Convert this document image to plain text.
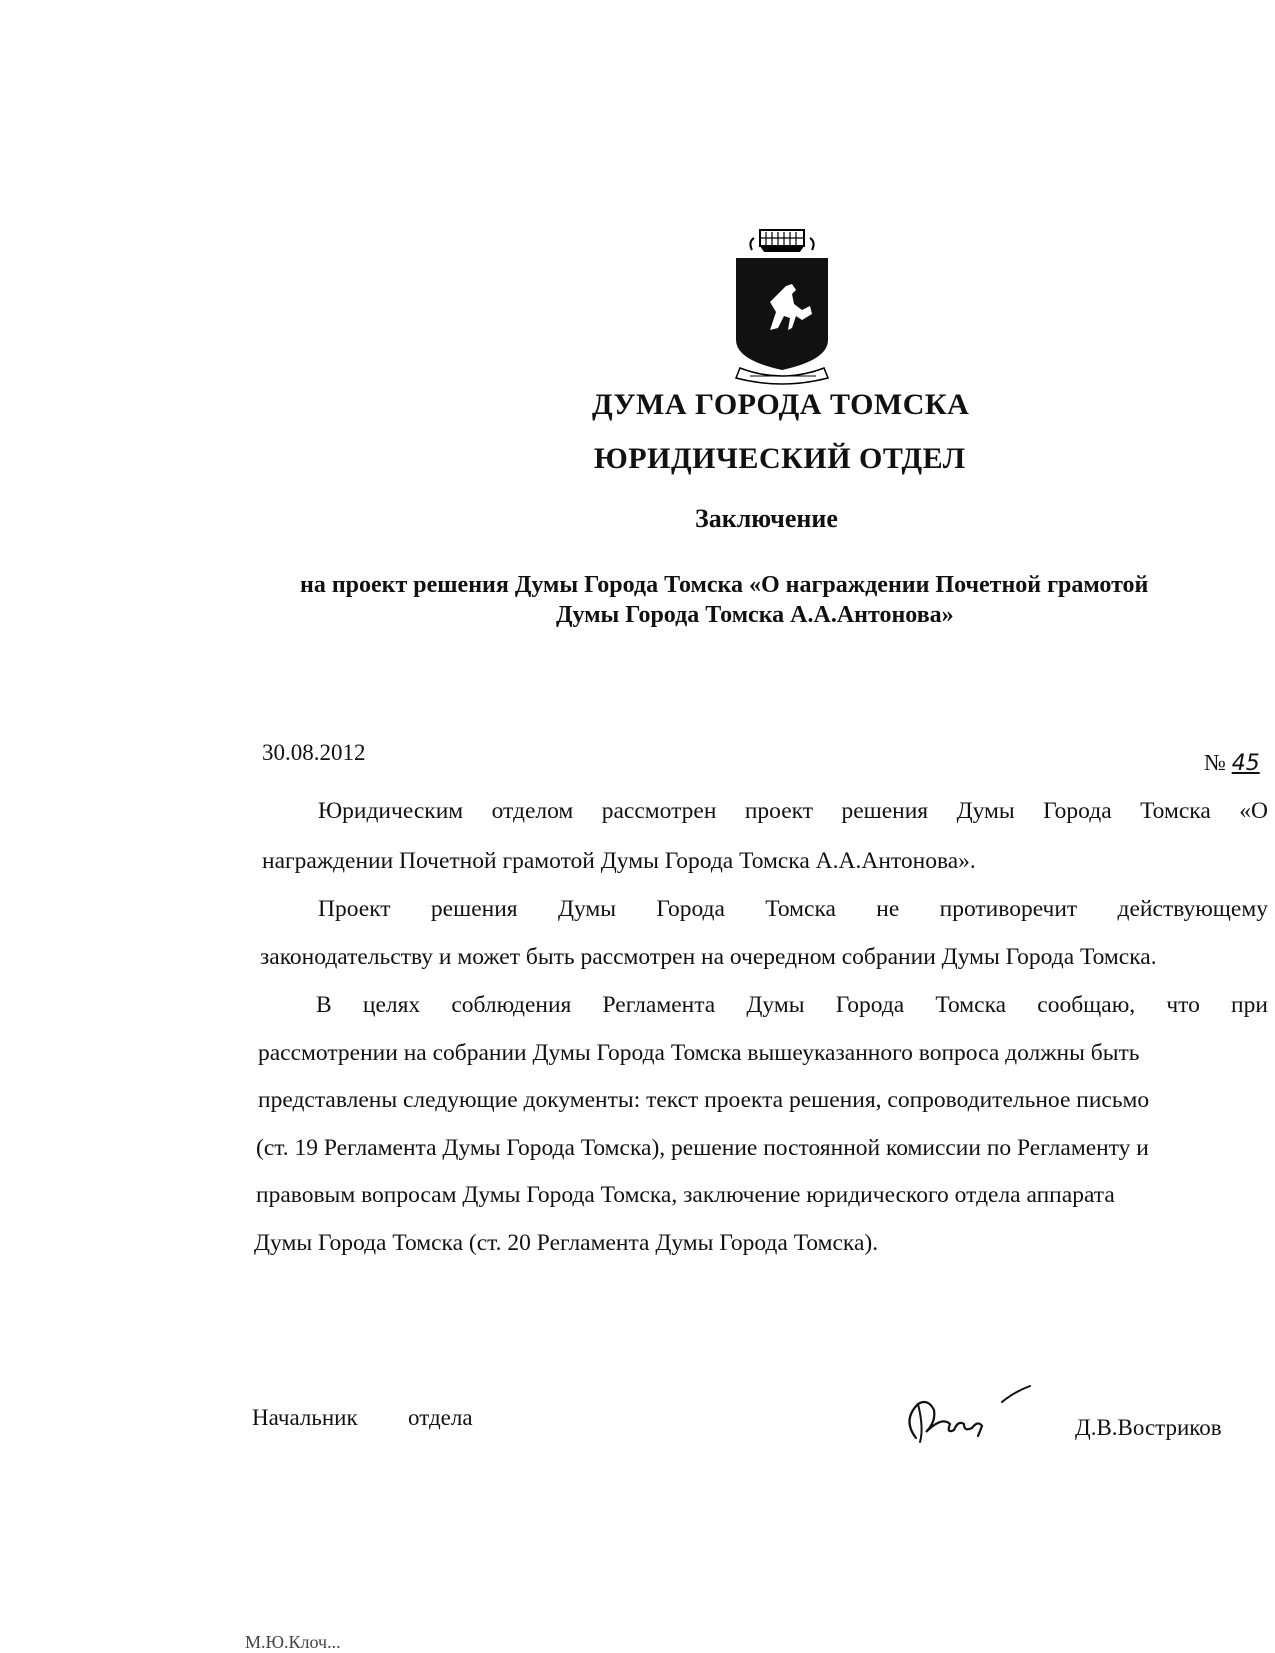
ДУМА ГОРОДА ТОМСКА
ЮРИДИЧЕСКИЙ ОТДЕЛ
Заключение
на проект решения Думы Города Томска «О награждении Почетной грамотой
Думы Города Томска А.А.Антонова»
30.08.2012	№ 45
Юридическим отделом рассмотрен проект решения Думы Города Томска «О
награждении Почетной грамотой Думы Города Томска А.А.Антонова».
Проект решения Думы Города Томска не противоречит действующему
законодательству и может быть рассмотрен на очередном собрании Думы Города Томска.
В целях соблюдения Регламента Думы Города Томска сообщаю, что при
рассмотрении на собрании Думы Города Томска вышеуказанного вопроса должны быть
представлены следующие документы: текст проекта решения, сопроводительное письмо
(ст. 19 Регламента Думы Города Томска), решение постоянной комиссии по Регламенту и
правовым вопросам Думы Города Томска, заключение юридического отдела аппарата
Думы Города Томска (ст. 20 Регламента Думы Города Томска).
Начальник отдела	Д.В.Востриков
М.Ю.Клоч...
